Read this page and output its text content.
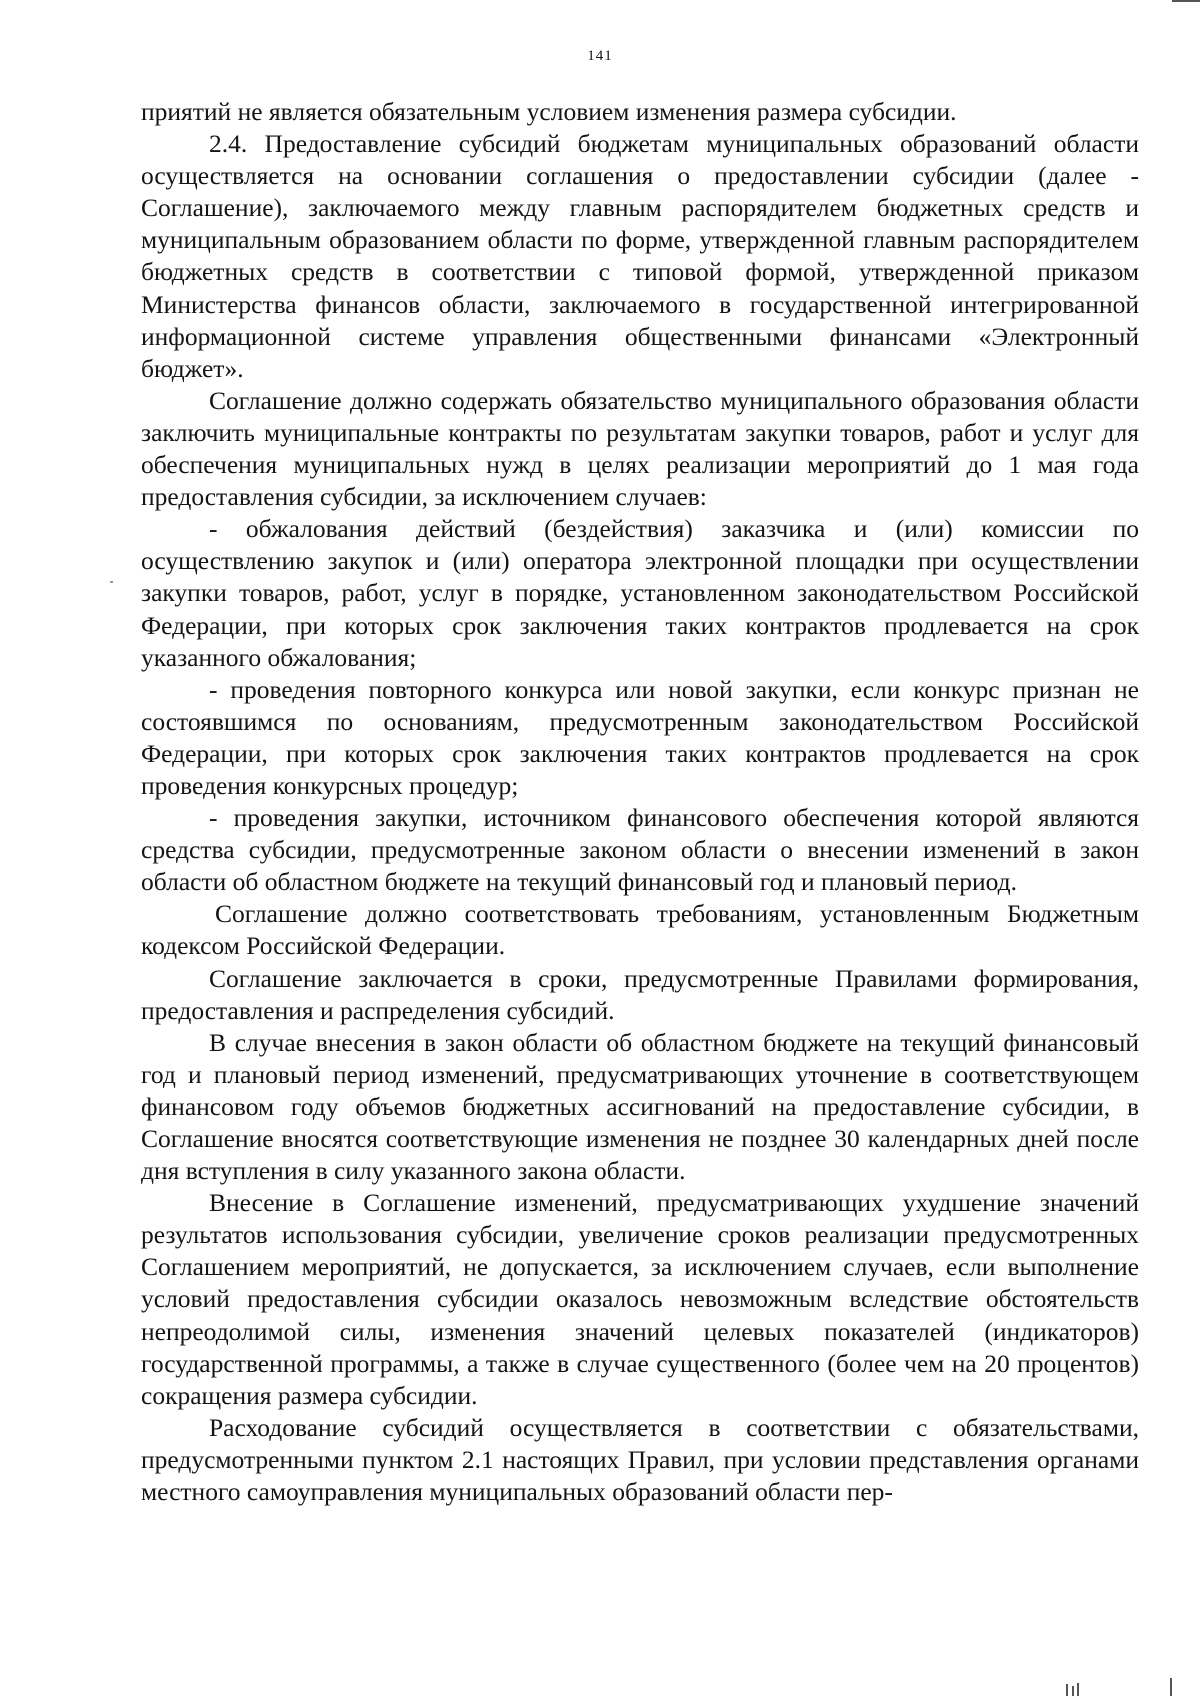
141

приятий не является обязательным условием изменения размера субсидии.

2.4. Предоставление субсидий бюджетам муниципальных образований области осуществляется на основании соглашения о предоставлении субсидии (далее - Соглашение), заключаемого между главным распорядителем бюджетных средств и муниципальным образованием области по форме, утвержденной главным распорядителем бюджетных средств в соответствии с типовой формой, утвержденной приказом Министерства финансов области, заключаемого в государственной интегрированной информационной системе управления общественными финансами «Электронный бюджет».

Соглашение должно содержать обязательство муниципального образования области заключить муниципальные контракты по результатам закупки товаров, работ и услуг для обеспечения муниципальных нужд в целях реализации мероприятий до 1 мая года предоставления субсидии, за исключением случаев:

- обжалования действий (бездействия) заказчика и (или) комиссии по осуществлению закупок и (или) оператора электронной площадки при осуществлении закупки товаров, работ, услуг в порядке, установленном законодательством Российской Федерации, при которых срок заключения таких контрактов продлевается на срок указанного обжалования;

- проведения повторного конкурса или новой закупки, если конкурс признан не состоявшимся по основаниям, предусмотренным законодательством Российской Федерации, при которых срок заключения таких контрактов продлевается на срок проведения конкурсных процедур;

- проведения закупки, источником финансового обеспечения которой являются средства субсидии, предусмотренные законом области о внесении изменений в закон области об областном бюджете на текущий финансовый год и плановый период.

Соглашение должно соответствовать требованиям, установленным Бюджетным кодексом Российской Федерации.

Соглашение заключается в сроки, предусмотренные Правилами формирования, предоставления и распределения субсидий.

В случае внесения в закон области об областном бюджете на текущий финансовый год и плановый период изменений, предусматривающих уточнение в соответствующем финансовом году объемов бюджетных ассигнований на предоставление субсидии, в Соглашение вносятся соответствующие изменения не позднее 30 календарных дней после дня вступления в силу указанного закона области.

Внесение в Соглашение изменений, предусматривающих ухудшение значений результатов использования субсидии, увеличение сроков реализации предусмотренных Соглашением мероприятий, не допускается, за исключением случаев, если выполнение условий предоставления субсидии оказалось невозможным вследствие обстоятельств непреодолимой силы, изменения значений целевых показателей (индикаторов) государственной программы, а также в случае существенного (более чем на 20 процентов) сокращения размера субсидии.

Расходование субсидий осуществляется в соответствии с обязательствами, предусмотренными пунктом 2.1 настоящих Правил, при условии представления органами местного самоуправления муниципальных образований области пер-
